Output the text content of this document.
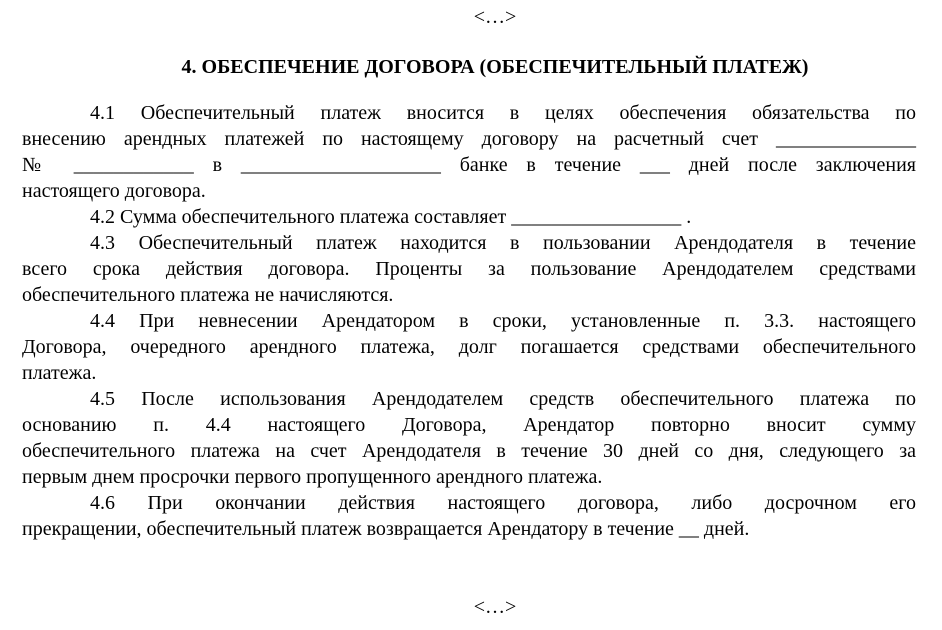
<…>
4. ОБЕСПЕЧЕНИЕ ДОГОВОРА (ОБЕСПЕЧИТЕЛЬНЫЙ ПЛАТЕЖ)
4.1 Обеспечительный платеж вносится в целях обеспечения обязательства по
внесению арендных платежей по настоящему договору на расчетный счет ______________
№ ____________ в ____________________ банке в течение ___ дней после заключения
настоящего договора.
4.2 Сумма обеспечительного платежа составляет _________________ .
4.3 Обеспечительный платеж находится в пользовании Арендодателя в течение
всего срока действия договора. Проценты за пользование Арендодателем средствами
обеспечительного платежа не начисляются.
4.4 При невнесении Арендатором в сроки, установленные п. 3.3. настоящего
Договора, очередного арендного платежа, долг погашается средствами обеспечительного
платежа.
4.5 После использования Арендодателем средств обеспечительного платежа по
основанию п. 4.4 настоящего Договора, Арендатор повторно вносит сумму
обеспечительного платежа на счет Арендодателя в течение 30 дней со дня, следующего за
первым днем просрочки первого пропущенного арендного платежа.
4.6 При окончании действия настоящего договора, либо досрочном его
прекращении, обеспечительный платеж возвращается Арендатору в течение __ дней.
<…>
